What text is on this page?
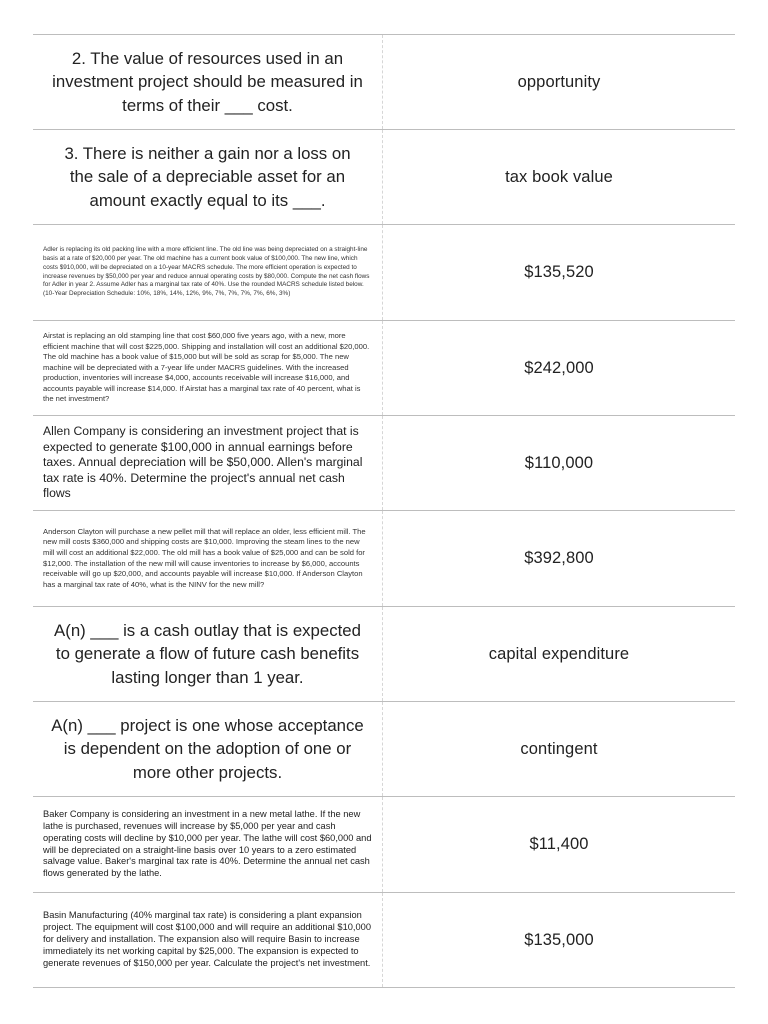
2. The value of resources used in an investment project should be measured in terms of their ___ cost.
opportunity
3. There is neither a gain nor a loss on the sale of a depreciable asset for an amount exactly equal to its ___.
tax book value
Adler is replacing its old packing line with a more efficient line. The old line was being depreciated on a straight-line basis at a rate of $20,000 per year. The old machine has a current book value of $100,000. The new line, which costs $910,000, will be depreciated on a 10-year MACRS schedule. The more efficient operation is expected to increase revenues by $50,000 per year and reduce annual operating costs by $80,000. Compute the net cash flows for Adler in year 2. Assume Adler has a marginal tax rate of 40%. Use the rounded MACRS schedule listed below.
(10-Year Depreciation Schedule: 10%, 18%, 14%, 12%, 9%, 7%, 7%, 7%, 7%, 6%, 3%)
$135,520
Airstat is replacing an old stamping line that cost $60,000 five years ago, with a new, more efficient machine that will cost $225,000. Shipping and installation will cost an additional $20,000. The old machine has a book value of $15,000 but will be sold as scrap for $5,000. The new machine will be depreciated with a 7-year life under MACRS guidelines. With the increased production, inventories will increase $4,000, accounts receivable will increase $16,000, and accounts payable will increase $14,000. If Airstat has a marginal tax rate of 40 percent, what is the net investment?
$242,000
Allen Company is considering an investment project that is expected to generate $100,000 in annual earnings before taxes. Annual depreciation will be $50,000. Allen's marginal tax rate is 40%. Determine the project's annual net cash flows
$110,000
Anderson Clayton will purchase a new pellet mill that will replace an older, less efficient mill. The new mill costs $360,000 and shipping costs are $10,000. Improving the steam lines to the new mill will cost an additional $22,000. The old mill has a book value of $25,000 and can be sold for $12,000. The installation of the new mill will cause inventories to increase by $6,000, accounts receivable will go up $20,000, and accounts payable will increase $10,000. If Anderson Clayton has a marginal tax rate of 40%, what is the NINV for the new mill?
$392,800
A(n) ___ is a cash outlay that is expected to generate a flow of future cash benefits lasting longer than 1 year.
capital expenditure
A(n) ___ project is one whose acceptance is dependent on the adoption of one or more other projects.
contingent
Baker Company is considering an investment in a new metal lathe. If the new lathe is purchased, revenues will increase by $5,000 per year and cash operating costs will decline by $10,000 per year. The lathe will cost $60,000 and will be depreciated on a straight-line basis over 10 years to a zero estimated salvage value. Baker's marginal tax rate is 40%. Determine the annual net cash flows generated by the lathe.
$11,400
Basin Manufacturing (40% marginal tax rate) is considering a plant expansion project. The equipment will cost $100,000 and will require an additional $10,000 for delivery and installation. The expansion also will require Basin to increase immediately its net working capital by $25,000. The expansion is expected to generate revenues of $150,000 per year. Calculate the project's net investment.
$135,000
